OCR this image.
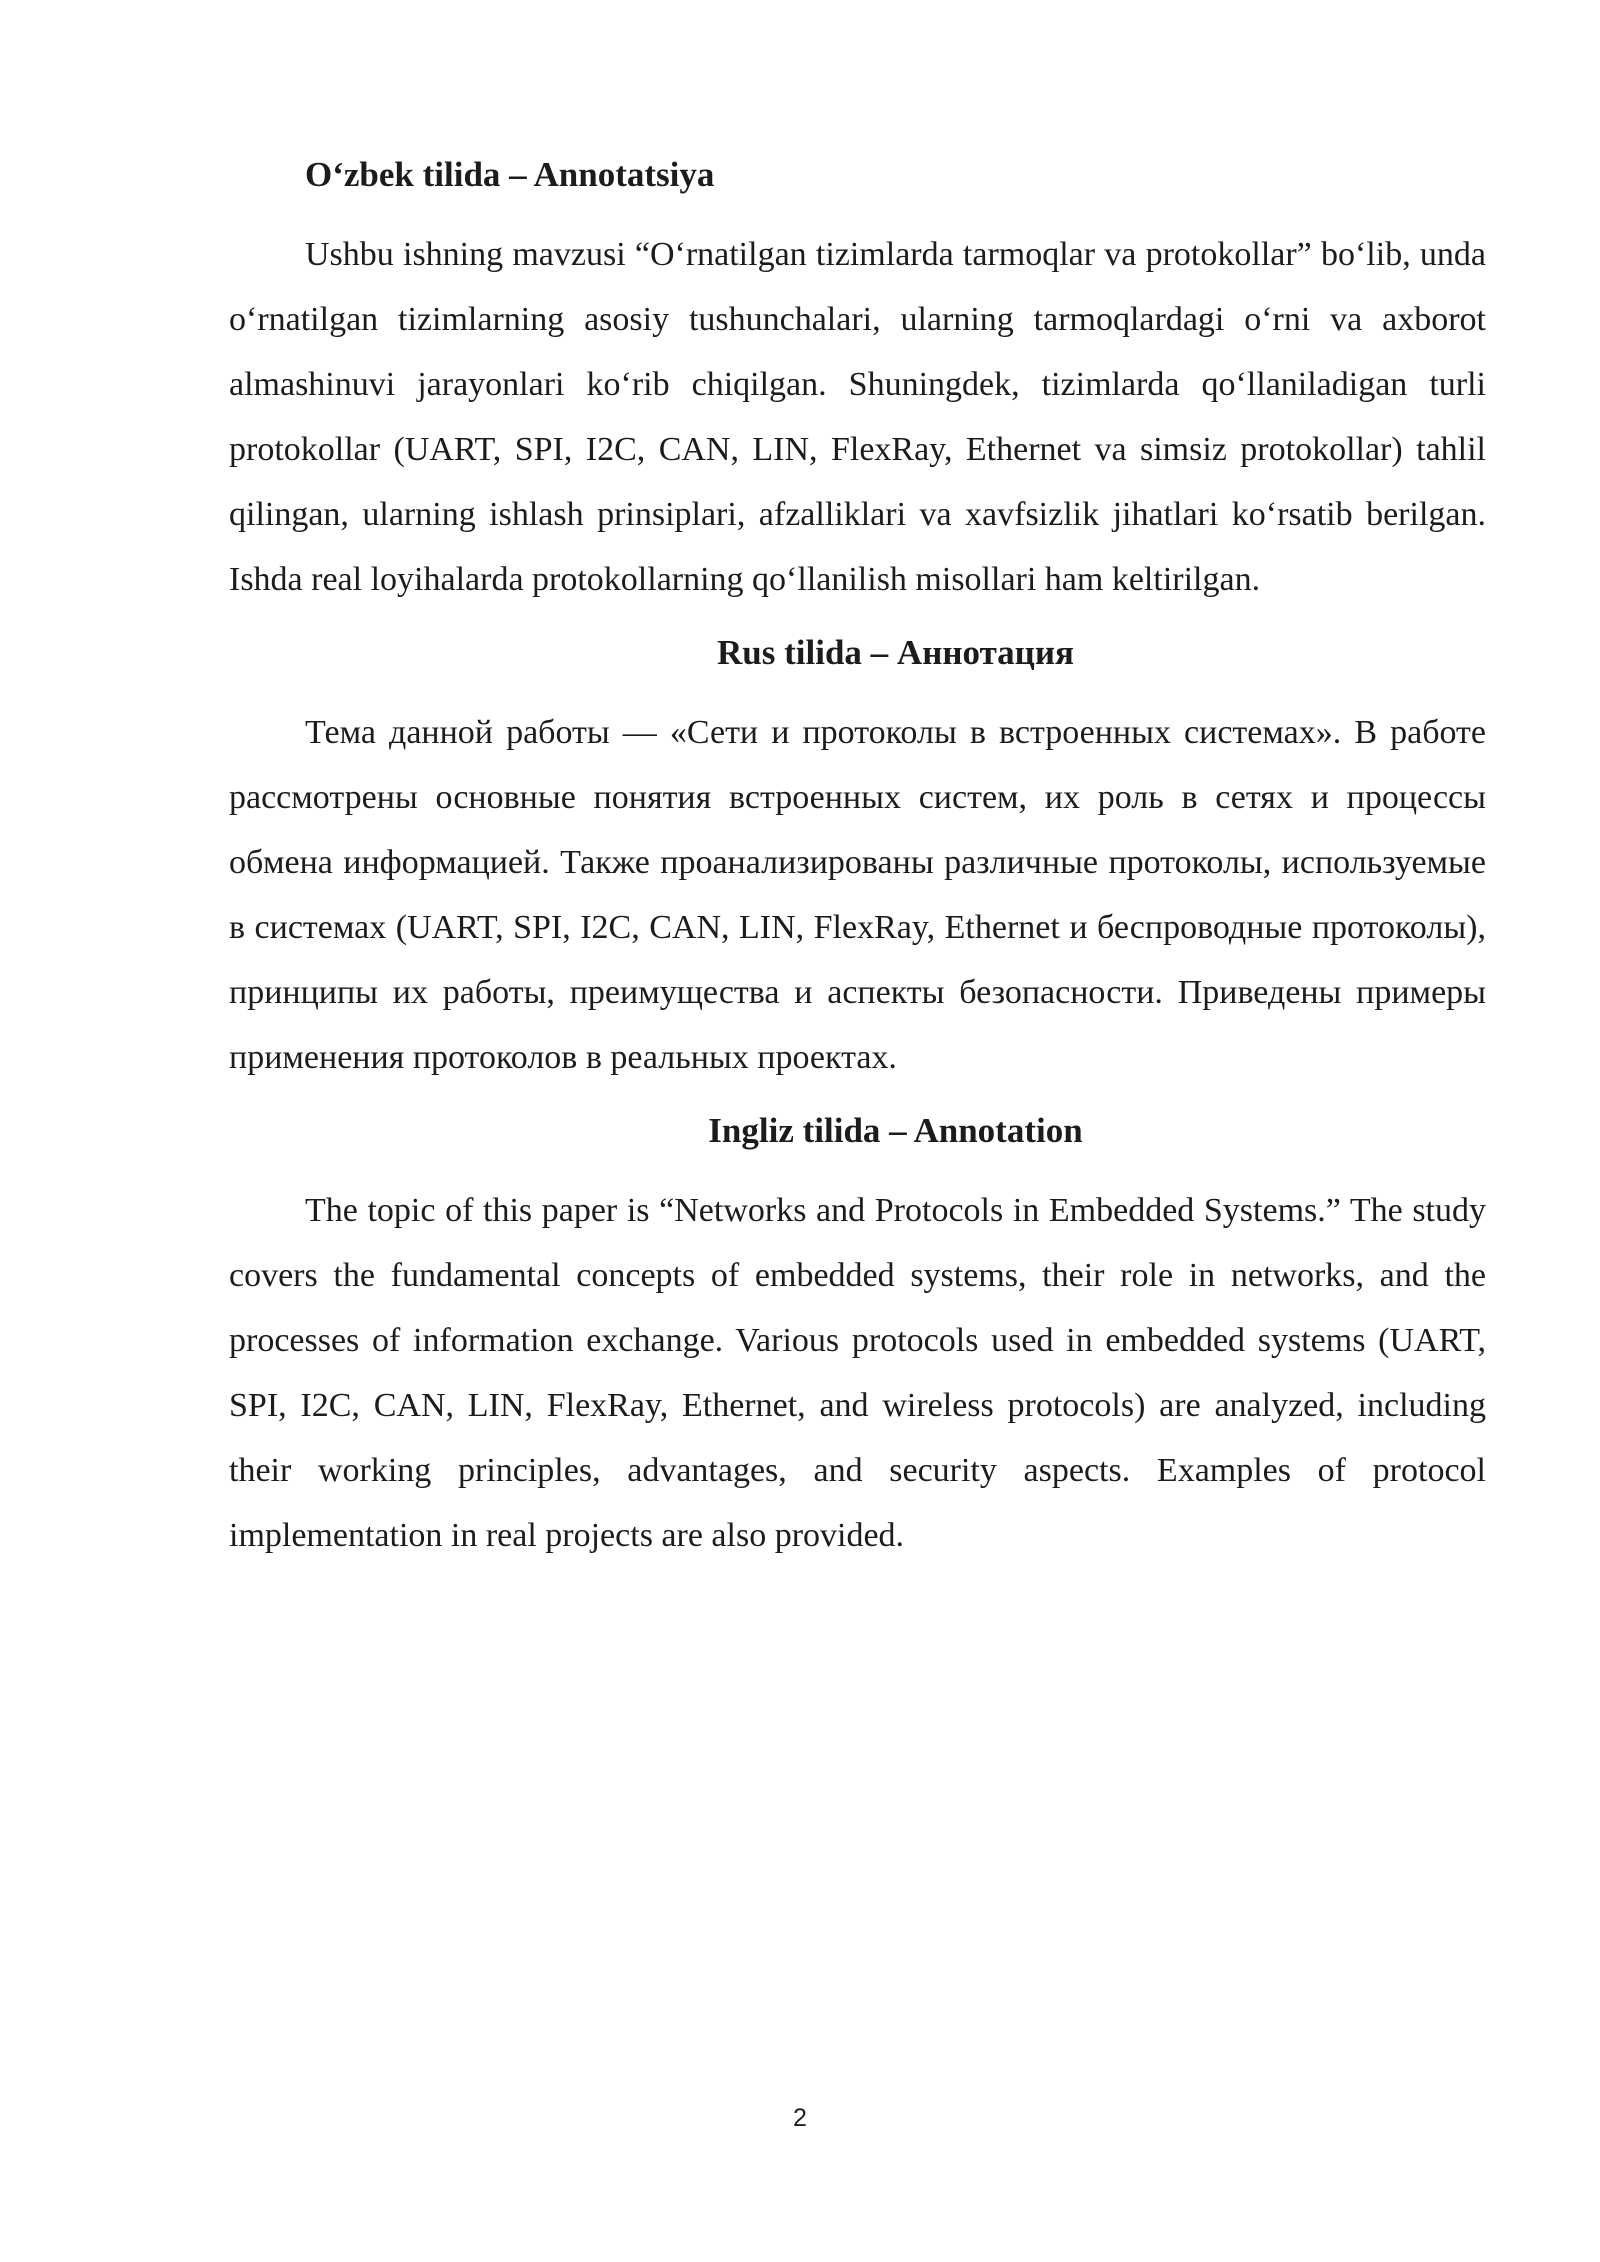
O‘zbek tilida – Annotatsiya

Ushbu ishning mavzusi “O‘rnatilgan tizimlarda tarmoqlar va protokollar” bo‘lib, unda o‘rnatilgan tizimlarning asosiy tushunchalari, ularning tarmoqlardagi o‘rni va axborot almashinuvi jarayonlari ko‘rib chiqilgan. Shuningdek, tizimlarda qo‘llaniladigan turli protokollar (UART, SPI, I2C, CAN, LIN, FlexRay, Ethernet va simsiz protokollar) tahlil qilingan, ularning ishlash prinsiplari, afzalliklari va xavfsizlik jihatlari ko‘rsatib berilgan. Ishda real loyihalarda protokollarning qo‘llanilish misollari ham keltirilgan.

Rus tilida – Аннотация

Тема данной работы — «Сети и протоколы в встроенных системах». В работе рассмотрены основные понятия встроенных систем, их роль в сетях и процессы обмена информацией. Также проанализированы различные протоколы, используемые в системах (UART, SPI, I2C, CAN, LIN, FlexRay, Ethernet и беспроводные протоколы), принципы их работы, преимущества и аспекты безопасности. Приведены примеры применения протоколов в реальных проектах.

Ingliz tilida – Annotation

The topic of this paper is “Networks and Protocols in Embedded Systems.” The study covers the fundamental concepts of embedded systems, their role in networks, and the processes of information exchange. Various protocols used in embedded systems (UART, SPI, I2C, CAN, LIN, FlexRay, Ethernet, and wireless protocols) are analyzed, including their working principles, advantages, and security aspects. Examples of protocol implementation in real projects are also provided.

2
